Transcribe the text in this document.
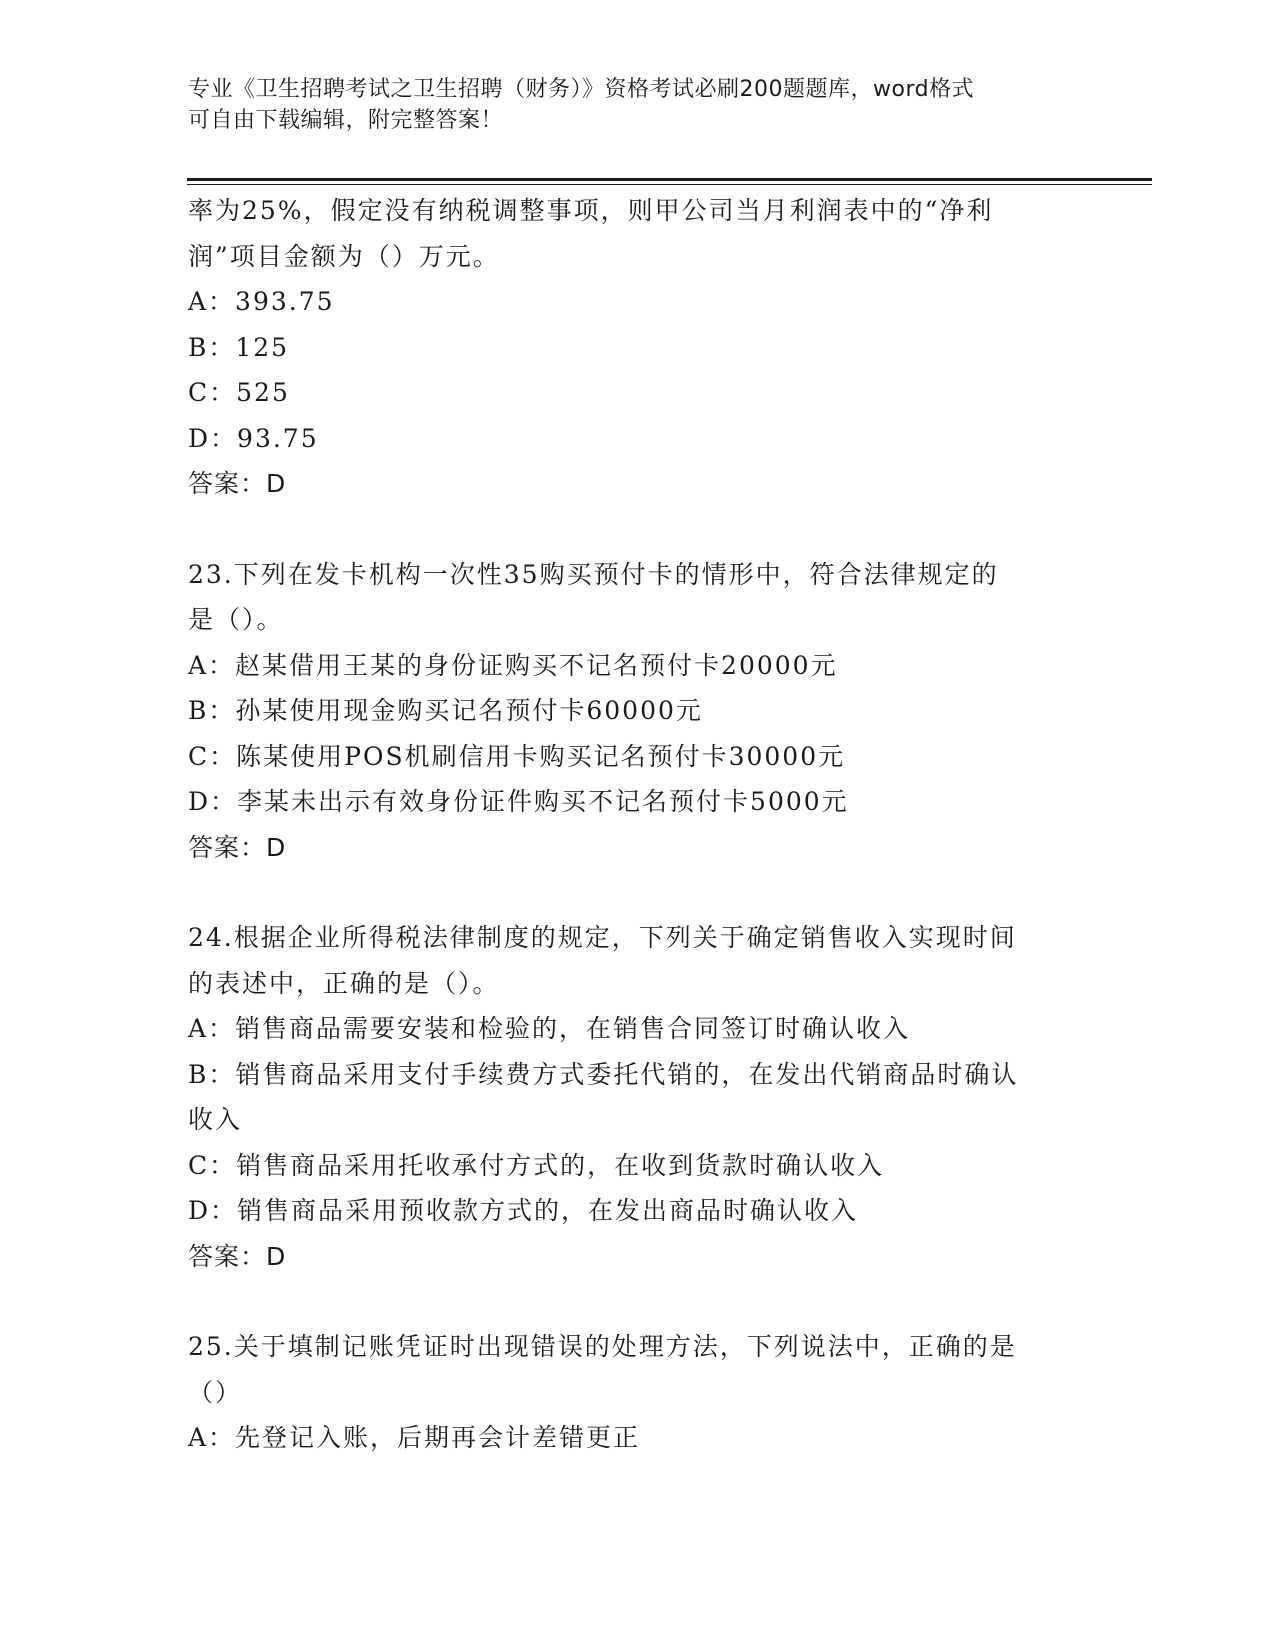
专业《卫生招聘考试之卫生招聘（财务）》资格考试必刷200题题库，word格式
可自由下载编辑，附完整答案！
率为25%，假定没有纳税调整事项，则甲公司当月利润表中的“净利
润”项目金额为（）万元。
A：393.75
B：125
C：525
D：93.75
答案：D
23.下列在发卡机构一次性35购买预付卡的情形中，符合法律规定的
是（）。
A：赵某借用王某的身份证购买不记名预付卡20000元
B：孙某使用现金购买记名预付卡60000元
C：陈某使用POS机刷信用卡购买记名预付卡30000元
D：李某未出示有效身份证件购买不记名预付卡5000元
答案：D
24.根据企业所得税法律制度的规定，下列关于确定销售收入实现时间
的表述中，正确的是（）。
A：销售商品需要安装和检验的，在销售合同签订时确认收入
B：销售商品采用支付手续费方式委托代销的，在发出代销商品时确认
收入
C：销售商品采用托收承付方式的，在收到货款时确认收入
D：销售商品采用预收款方式的，在发出商品时确认收入
答案：D
25.关于填制记账凭证时出现错误的处理方法，下列说法中，正确的是
（）
A：先登记入账，后期再会计差错更正
